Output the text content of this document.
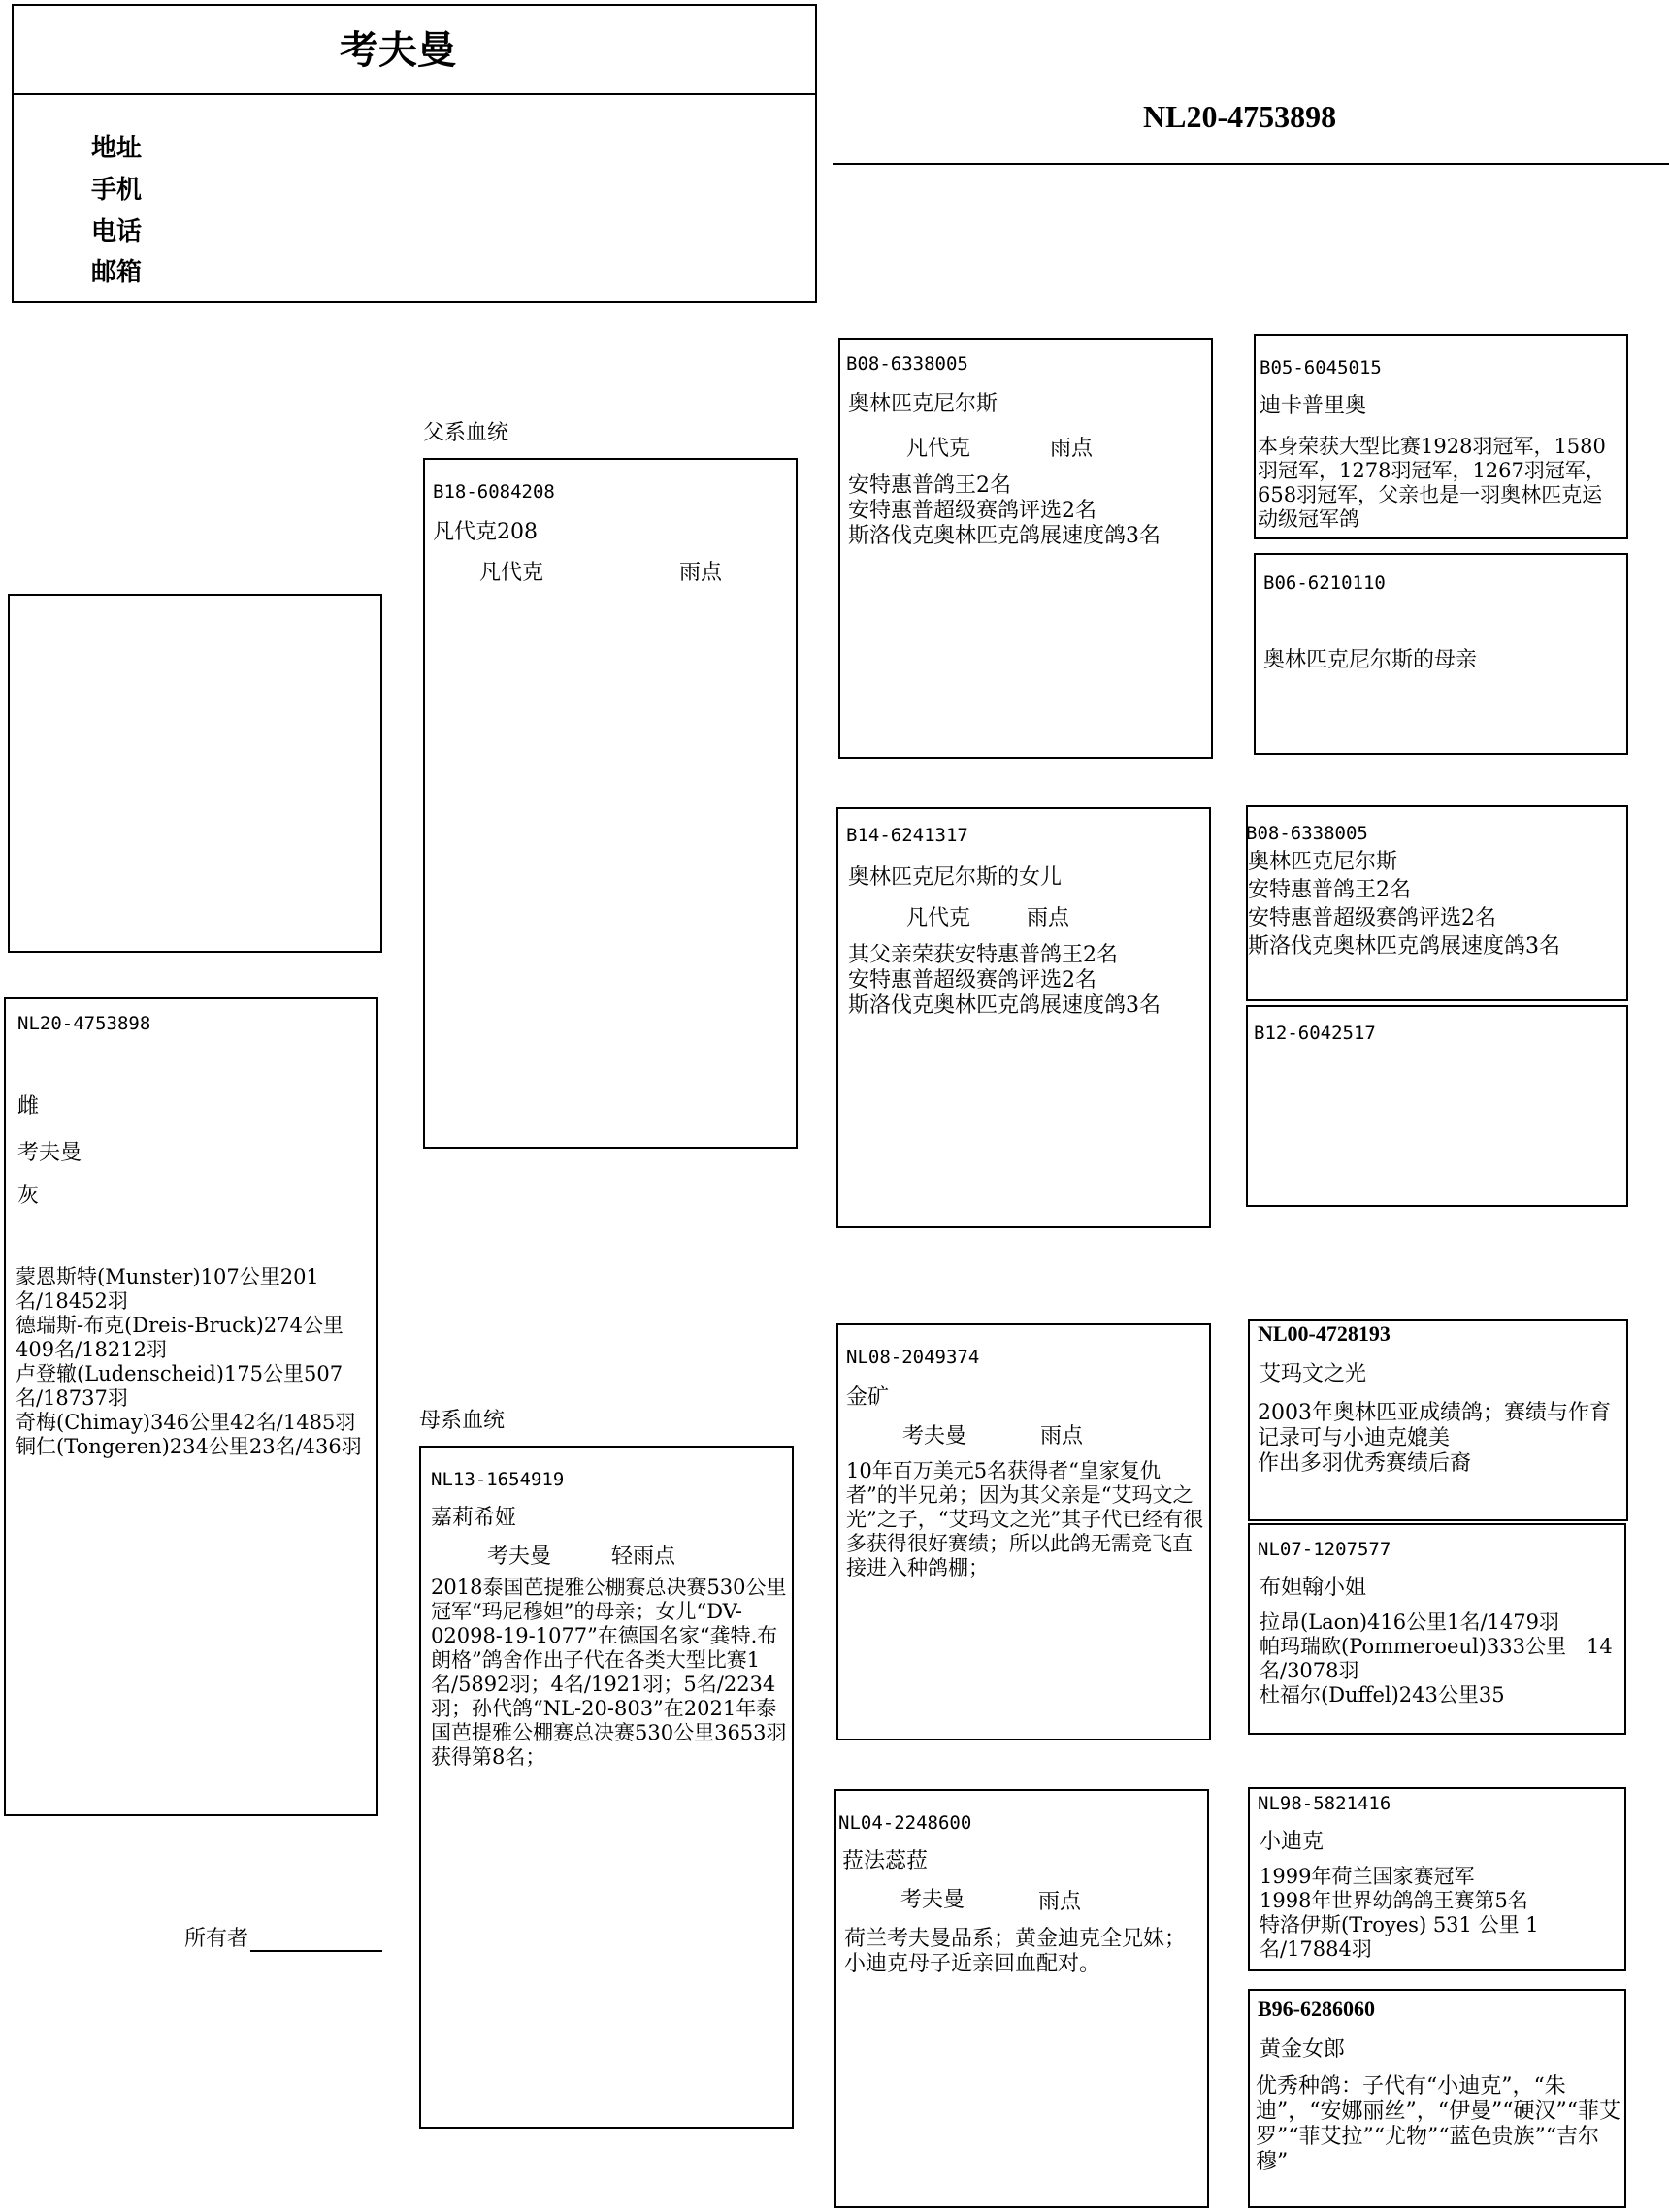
考夫曼
地址
手机
电话
邮箱
NL20-4753898
NL20-4753898
雌
考夫曼
灰
蒙恩斯特(Munster)107公里201名/18452羽
德瑞斯-布克(Dreis-Bruck)274公里409名/18212羽
卢登辙(Ludenscheid)175公里507名/18737羽
奇梅(Chimay)346公里42名/1485羽
铜仁(Tongeren)234公里23名/436羽
所有者
父系血统
B18-6084208
凡代克208
凡代克	雨点
母系血统
NL13-1654919
嘉莉希娅
考夫曼	轻雨点
2018泰国芭提雅公棚赛总决赛530公里冠军“玛尼穆妲”的母亲；女儿“DV-02098-19-1077”在德国名家“龚特.布朗格”鸽舍作出子代在各类大型比赛1名/5892羽；4名/1921羽；5名/2234羽；孙代鸽“NL-20-803”在2021年泰国芭提雅公棚赛总决赛530公里3653羽获得第8名；
B08-6338005
奥林匹克尼尔斯
凡代克	雨点
安特惠普鸽王2名
安特惠普超级赛鸽评选2名
斯洛伐克奥林匹克鸽展速度鸽3名
B14-6241317
奥林匹克尼尔斯的女儿
凡代克	雨点
其父亲荣获安特惠普鸽王2名
安特惠普超级赛鸽评选2名
斯洛伐克奥林匹克鸽展速度鸽3名
NL08-2049374
金矿
考夫曼	雨点
10年百万美元5名获得者“皇家复仇者”的半兄弟；因为其父亲是“艾玛文之光”之子，“艾玛文之光”其子代已经有很多获得很好赛绩；所以此鸽无需竞飞直接进入种鸽棚；
NL04-2248600
菈法蕊菈
考夫曼	雨点
荷兰考夫曼品系；黄金迪克全兄妹；小迪克母子近亲回血配对。
B05-6045015
迪卡普里奥
本身荣获大型比赛1928羽冠军，1580羽冠军，1278羽冠军，1267羽冠军，658羽冠军，父亲也是一羽奥林匹克运动级冠军鸽
B06-6210110
奥林匹克尼尔斯的母亲
B08-6338005
奥林匹克尼尔斯
安特惠普鸽王2名
安特惠普超级赛鸽评选2名
斯洛伐克奥林匹克鸽展速度鸽3名
B12-6042517
NL00-4728193
艾玛文之光
2003年奥林匹亚成绩鸽；赛绩与作育
记录可与小迪克媲美
作出多羽优秀赛绩后裔
NL07-1207577
布妲翰小姐
拉昂(Laon)416公里1名/1479羽
帕玛瑞欧(Pommeroeul)333公里　14名/3078羽
杜福尔(Duffel)243公里35
NL98-5821416
小迪克
1999年荷兰国家赛冠军
1998年世界幼鸽鸽王赛第5名
特洛伊斯(Troyes) 531 公里 1 名/17884羽
B96-6286060
黄金女郎
优秀种鸽：子代有“小迪克”，“朱迪”，“安娜丽丝”，“伊曼”“硬汉”“菲艾罗”“菲艾拉”“尤物”“蓝色贵族”“吉尔穆”
